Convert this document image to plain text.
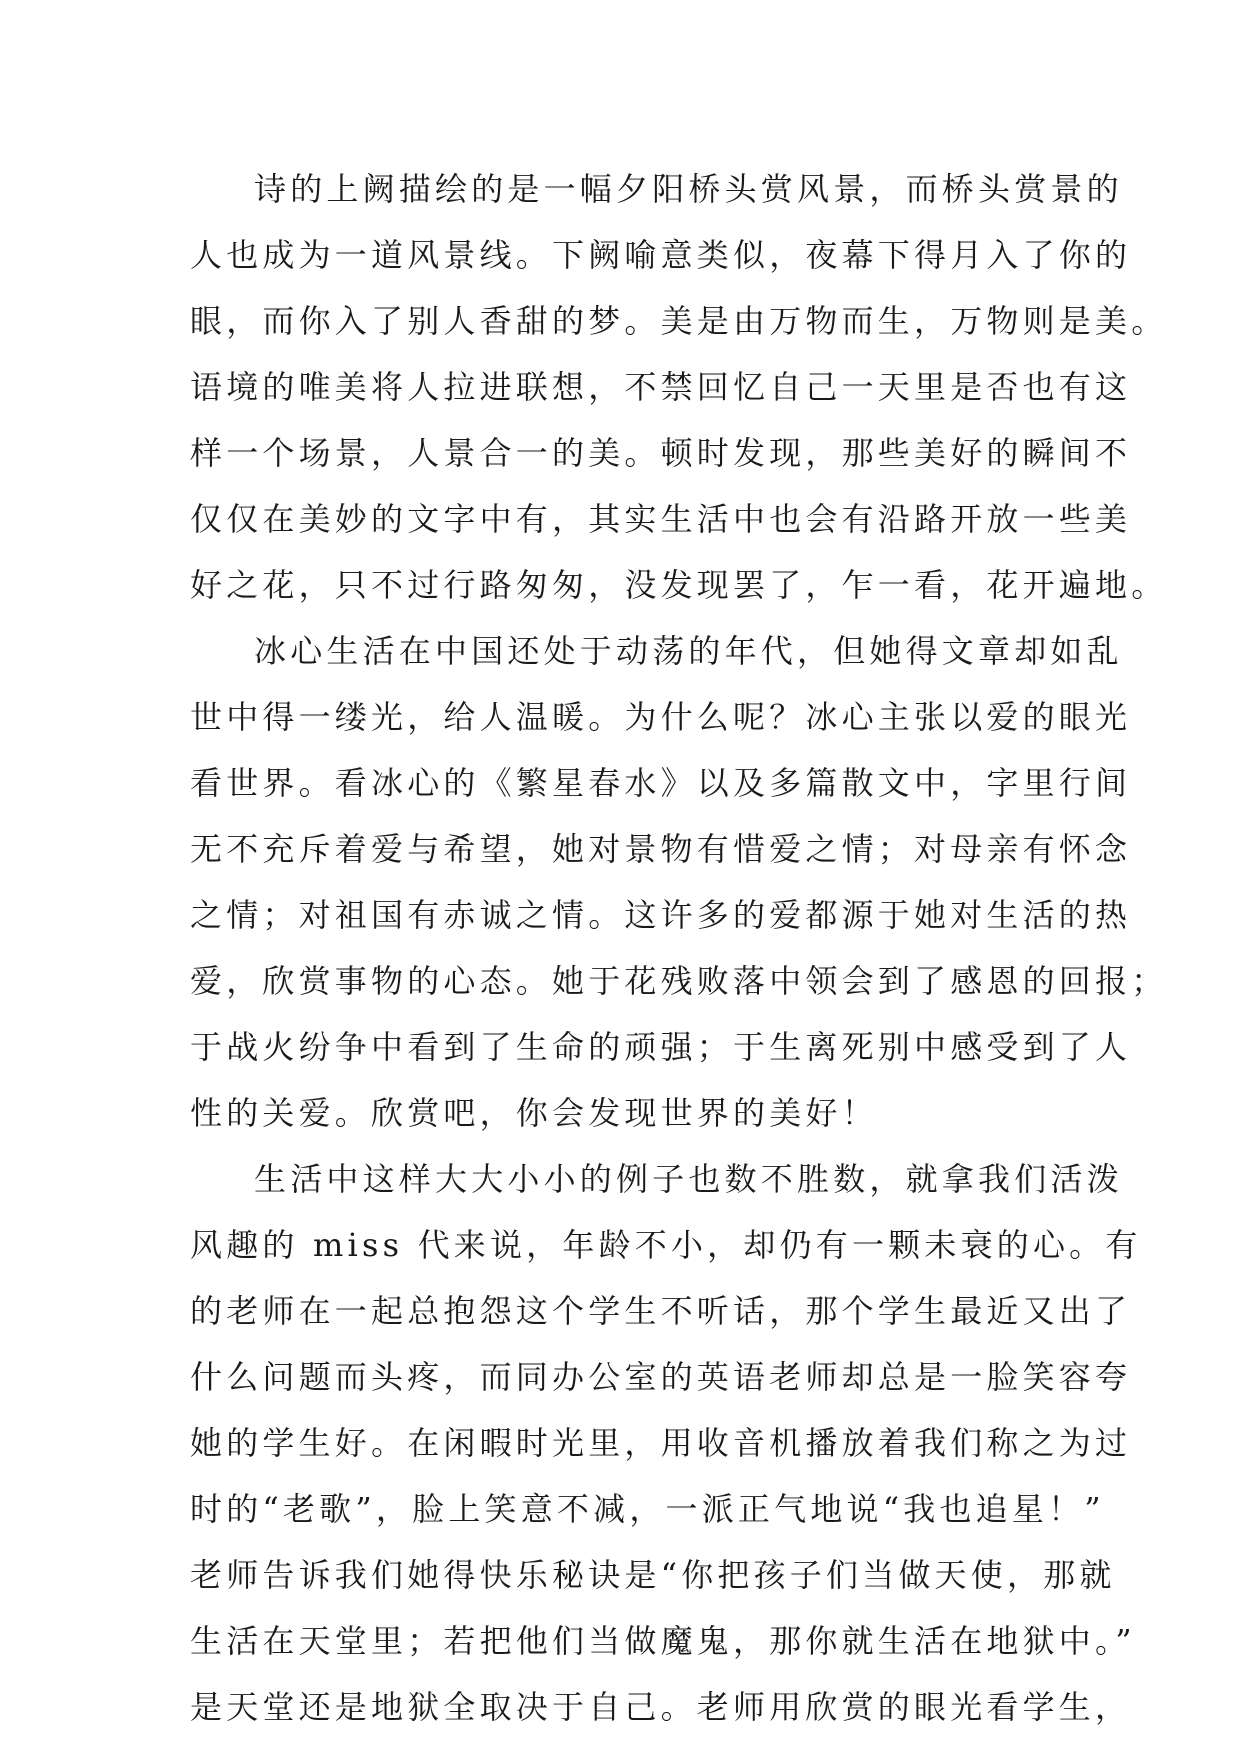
诗的上阙描绘的是一幅夕阳桥头赏风景，而桥头赏景的
人也成为一道风景线。下阙喻意类似，夜幕下得月入了你的
眼，而你入了别人香甜的梦。美是由万物而生，万物则是美。
语境的唯美将人拉进联想，不禁回忆自己一天里是否也有这
样一个场景，人景合一的美。顿时发现，那些美好的瞬间不
仅仅在美妙的文字中有，其实生活中也会有沿路开放一些美
好之花，只不过行路匆匆，没发现罢了，乍一看，花开遍地。
冰心生活在中国还处于动荡的年代，但她得文章却如乱
世中得一缕光，给人温暖。为什么呢？冰心主张以爱的眼光
看世界。看冰心的《繁星春水》以及多篇散文中，字里行间
无不充斥着爱与希望，她对景物有惜爱之情；对母亲有怀念
之情；对祖国有赤诚之情。这许多的爱都源于她对生活的热
爱，欣赏事物的心态。她于花残败落中领会到了感恩的回报；
于战火纷争中看到了生命的顽强；于生离死别中感受到了人
性的关爱。欣赏吧，你会发现世界的美好！
生活中这样大大小小的例子也数不胜数，就拿我们活泼
风趣的 miss 代来说，年龄不小，却仍有一颗未衰的心。有
的老师在一起总抱怨这个学生不听话，那个学生最近又出了
什么问题而头疼，而同办公室的英语老师却总是一脸笑容夸
她的学生好。在闲暇时光里，用收音机播放着我们称之为过
时的“老歌”，脸上笑意不减，一派正气地说“我也追星！”
老师告诉我们她得快乐秘诀是“你把孩子们当做天使，那就
生活在天堂里；若把他们当做魔鬼，那你就生活在地狱中。”
是天堂还是地狱全取决于自己。老师用欣赏的眼光看学生，
